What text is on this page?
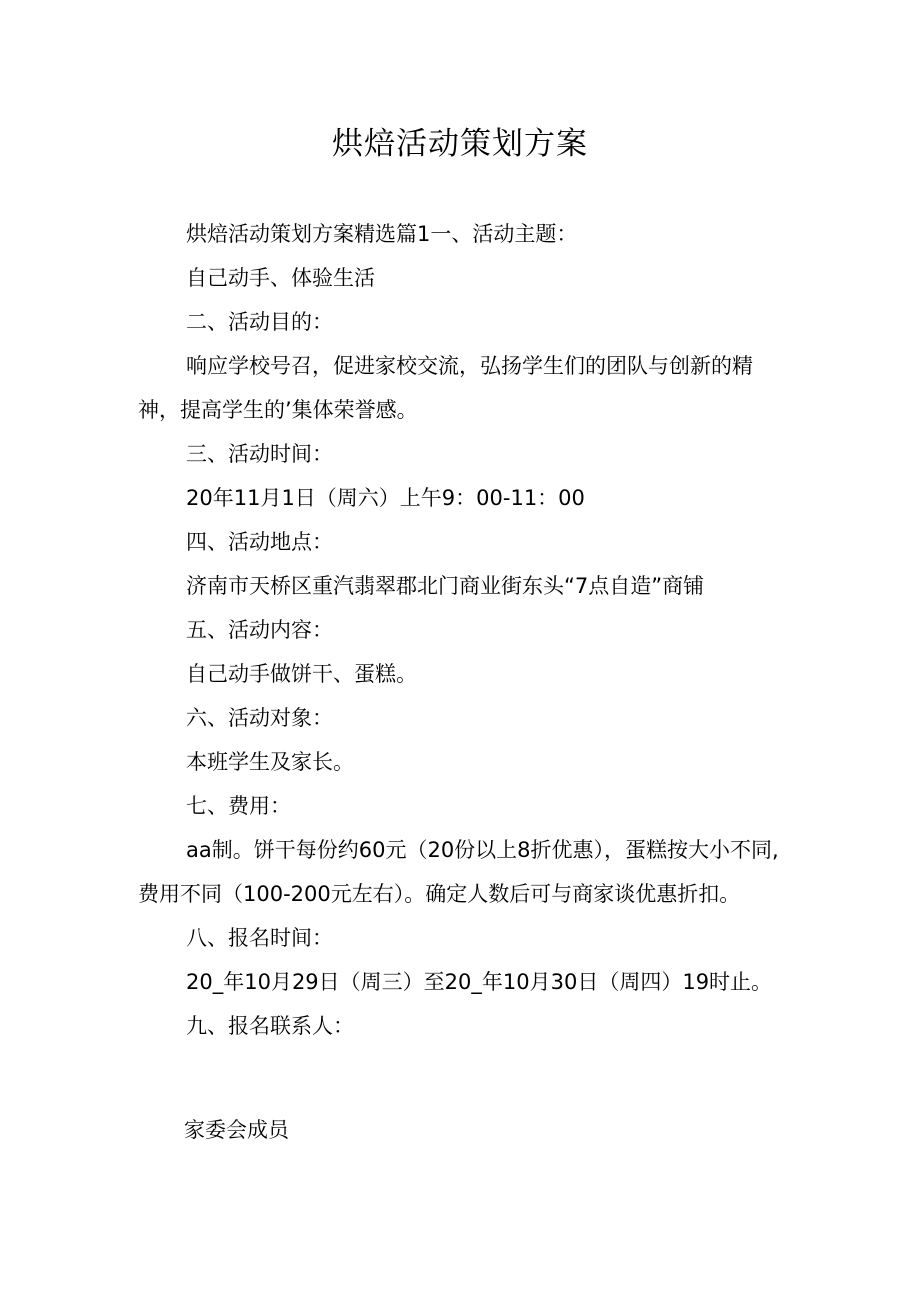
烘焙活动策划方案

烘焙活动策划方案精选篇1一、活动主题：

自己动手、体验生活

二、活动目的：

响应学校号召，促进家校交流，弘扬学生们的团队与创新的精神，提高学生的’集体荣誉感。

三、活动时间：

20年11月1日（周六）上午9：00-11：00

四、活动地点：

济南市天桥区重汽翡翠郡北门商业街东头“7点自造”商铺

五、活动内容：

自己动手做饼干、蛋糕。

六、活动对象：

本班学生及家长。

七、费用：

aa制。饼干每份约60元（20份以上8折优惠），蛋糕按大小不同,费用不同（100-200元左右）。确定人数后可与商家谈优惠折扣。

八、报名时间：

20_年10月29日（周三）至20_年10月30日（周四）19时止。

九、报名联系人：

家委会成员
